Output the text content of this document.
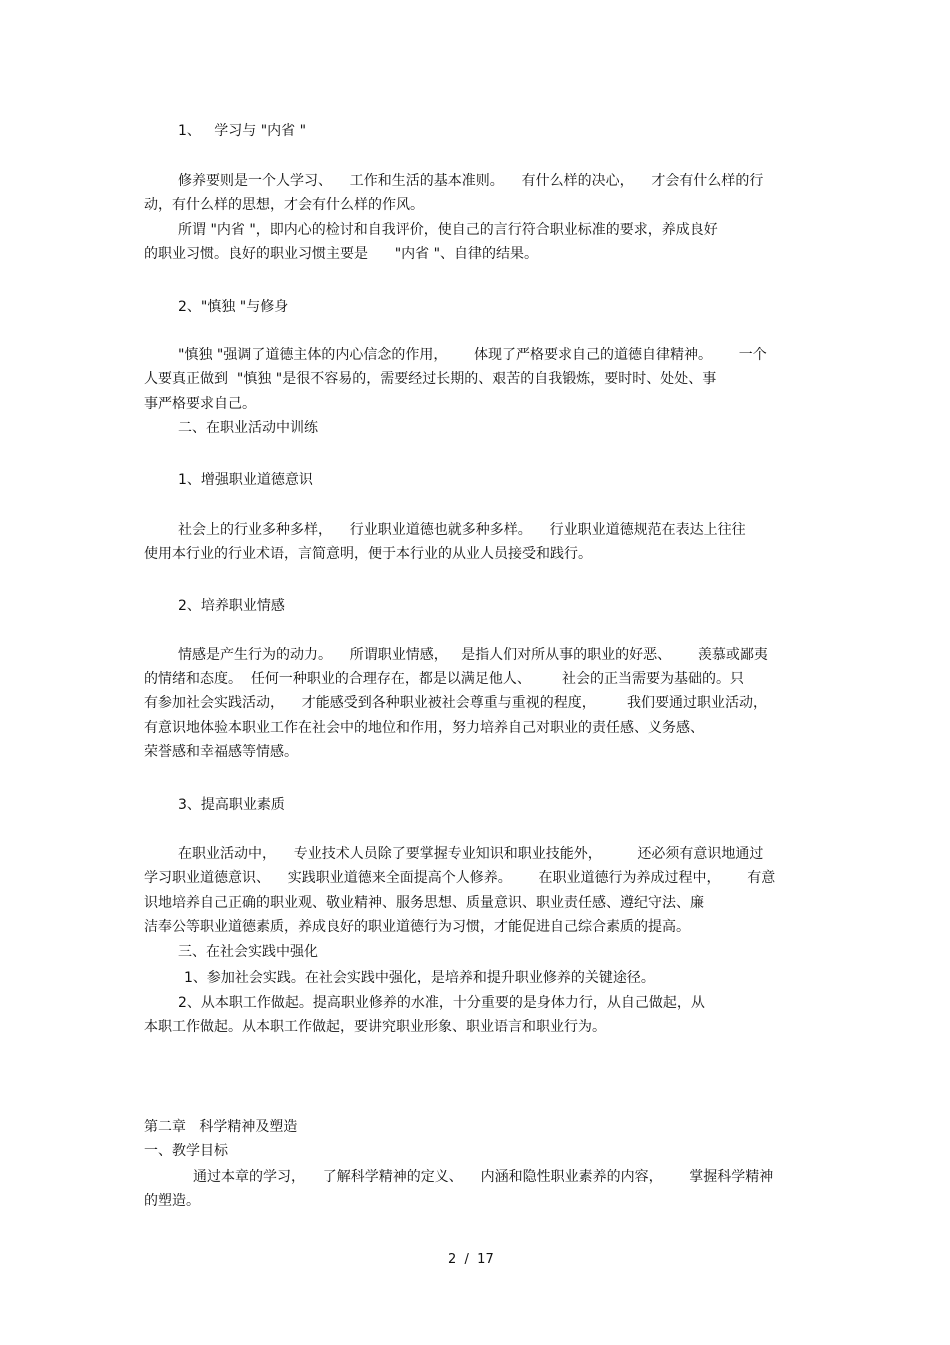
1、   学习与 "内省 "
修养要则是一个人学习、    工作和生活的基本准则。    有什么样的决心，    才会有什么样的行
动，有什么样的思想，才会有什么样的作风。
所谓 "内省 "，即内心的检讨和自我评价，使自己的言行符合职业标准的要求，养成良好
的职业习惯。良好的职业习惯主要是      "内省 "、自律的结果。
2、"慎独 "与修身
"慎独 "强调了道德主体的内心信念的作用，      体现了严格要求自己的道德自律精神。      一个
人要真正做到  "慎独 "是很不容易的，需要经过长期的、艰苦的自我锻炼，要时时、处处、事
事严格要求自己。
二、在职业活动中训练
1、增强职业道德意识
社会上的行业多种多样，    行业职业道德也就多种多样。    行业职业道德规范在表达上往往
使用本行业的行业术语，言简意明，便于本行业的从业人员接受和践行。
2、培养职业情感
情感是产生行为的动力。    所谓职业情感，   是指人们对所从事的职业的好恶、      羡慕或鄙夷
的情绪和态度。  任何一种职业的合理存在，都是以满足他人、       社会的正当需要为基础的。只
有参加社会实践活动，    才能感受到各种职业被社会尊重与重视的程度，       我们要通过职业活动，
有意识地体验本职业工作在社会中的地位和作用，努力培养自己对职业的责任感、义务感、
荣誉感和幸福感等情感。
3、提高职业素质
在职业活动中，    专业技术人员除了要掌握专业知识和职业技能外，        还必须有意识地通过
学习职业道德意识、    实践职业道德来全面提高个人修养。      在职业道德行为养成过程中，      有意
识地培养自己正确的职业观、敬业精神、服务思想、质量意识、职业责任感、遵纪守法、廉
洁奉公等职业道德素质，养成良好的职业道德行为习惯，才能促进自己综合素质的提高。
三、在社会实践中强化
1、参加社会实践。在社会实践中强化，是培养和提升职业修养的关键途径。
2、从本职工作做起。提高职业修养的水准，十分重要的是身体力行，从自己做起，从
本职工作做起。从本职工作做起，要讲究职业形象、职业语言和职业行为。
第二章   科学精神及塑造
一、教学目标
通过本章的学习，    了解科学精神的定义、    内涵和隐性职业素养的内容，      掌握科学精神
的塑造。
2  /  17
